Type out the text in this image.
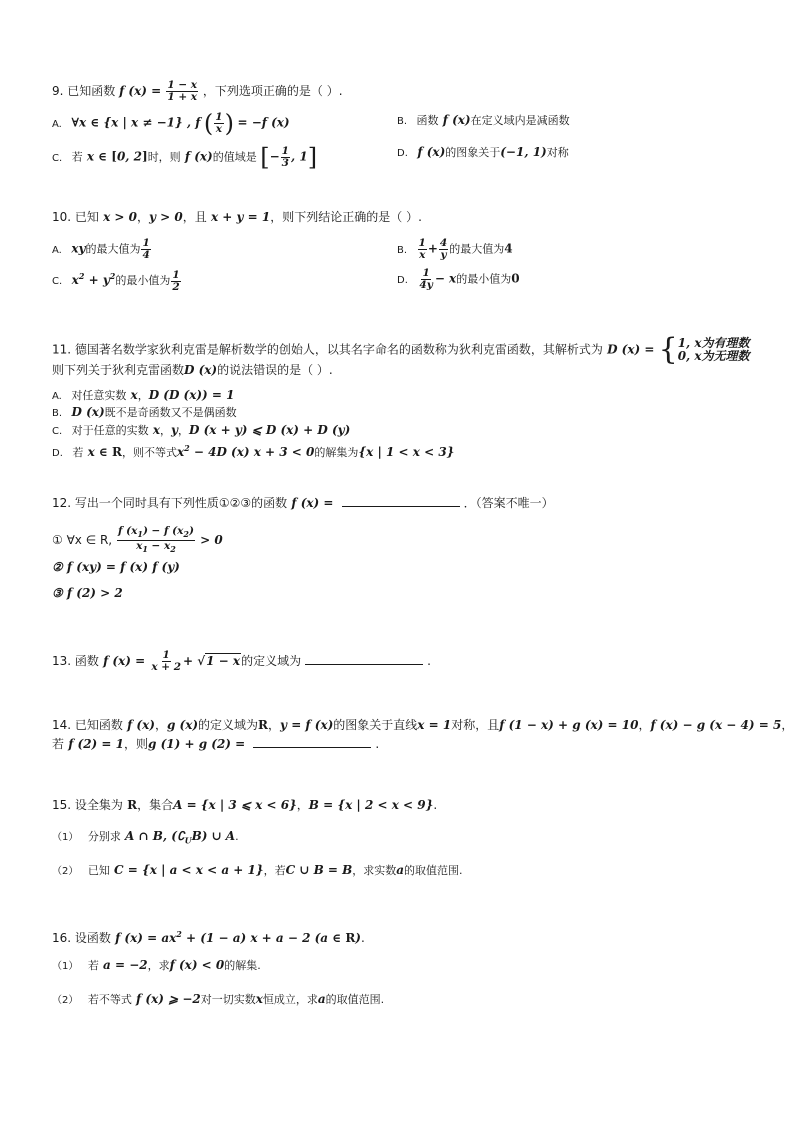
9. 已知函数 f $(x) = \frac{1 - x}{1 + x}$ ，下列选项正确的是（ ）.
A. ∀x ∈ {x | x ≠ −1} , f ( $\frac{1}{x}$ ) = −f (x)	B. 函数 f (x)在定义域内是减函数
C. 若 x ∈ [0, 2]时，则 f (x)的值域是 [− $\frac{1}{3}$ , 1]	D. f (x)的图象关于(−1, 1)对称
10. 已知 x > 0，y > 0，且 x + y = 1，则下列结论正确的是（ ）.
A. xy的最大值为 $\frac{1}{4}$	B. $\frac{1}{x} + \frac{4}{y}$ 的最大值为4
C. $x^2 + y^2$的最小值为 $\frac{1}{2}$	D. $\frac{1}{4y} - x$的最小值为0
11. 德国著名数学家狄利克雷是解析数学的创始人，以其名字命名的函数称为狄利克雷函数，其解析式为 D (x) = { 1, x为有理数
0, x为无理数
则下列关于狄利克雷函数D (x)的说法错误的是（ ）.
A. 对任意实数 x，D (D (x)) = 1
B. D (x)既不是奇函数又不是偶函数
C. 对于任意的实数 x，y，D (x + y) ⩽ D (x) + D (y)
D. 若 x ∈ R，则不等式$x^2 - 4D$ (x) x + 3 < 0的解集为{x | 1 < x < 3}
12. 写出一个同时具有下列性质①②③的函数 f (x) =	．（答案不唯一）
① ∀x ∈ R, $\frac{f (x_1) - f (x_2)}{x_1 - x_2} > 0$
② f (xy) = f (x) f (y)
③ f (2) > 2
13. 函数 f $(x) = \frac{1}{x + 2} + √1 - x$的定义域为	.
14. 已知函数 f (x)，g (x)的定义域为R，y = f (x)的图象关于直线x = 1对称，且f (1 − x) + g (x) = 10，f (x) − g (x − 4) = 5，
若 f (2) = 1，则g (1) + g (2) =	.
15. 设全集为 R，集合A = {x | 3 ⩽ x < 6}，B = {x | 2 < x < 9}.
（1） 分别求 A ∩ B, $(∁_UB)$ ∪ A.
（2） 已知 C = {x | a < x < a + 1}，若C ∪ B = B，求实数a的取值范围.
16. 设函数 f $(x) = ax^2 + (1 - a) x + a - 2$ (a ∈ R).
（1） 若 a = −2，求f (x) < 0的解集.
（2） 若不等式 f (x) ⩾ −2对一切实数x恒成立，求a的取值范围.
